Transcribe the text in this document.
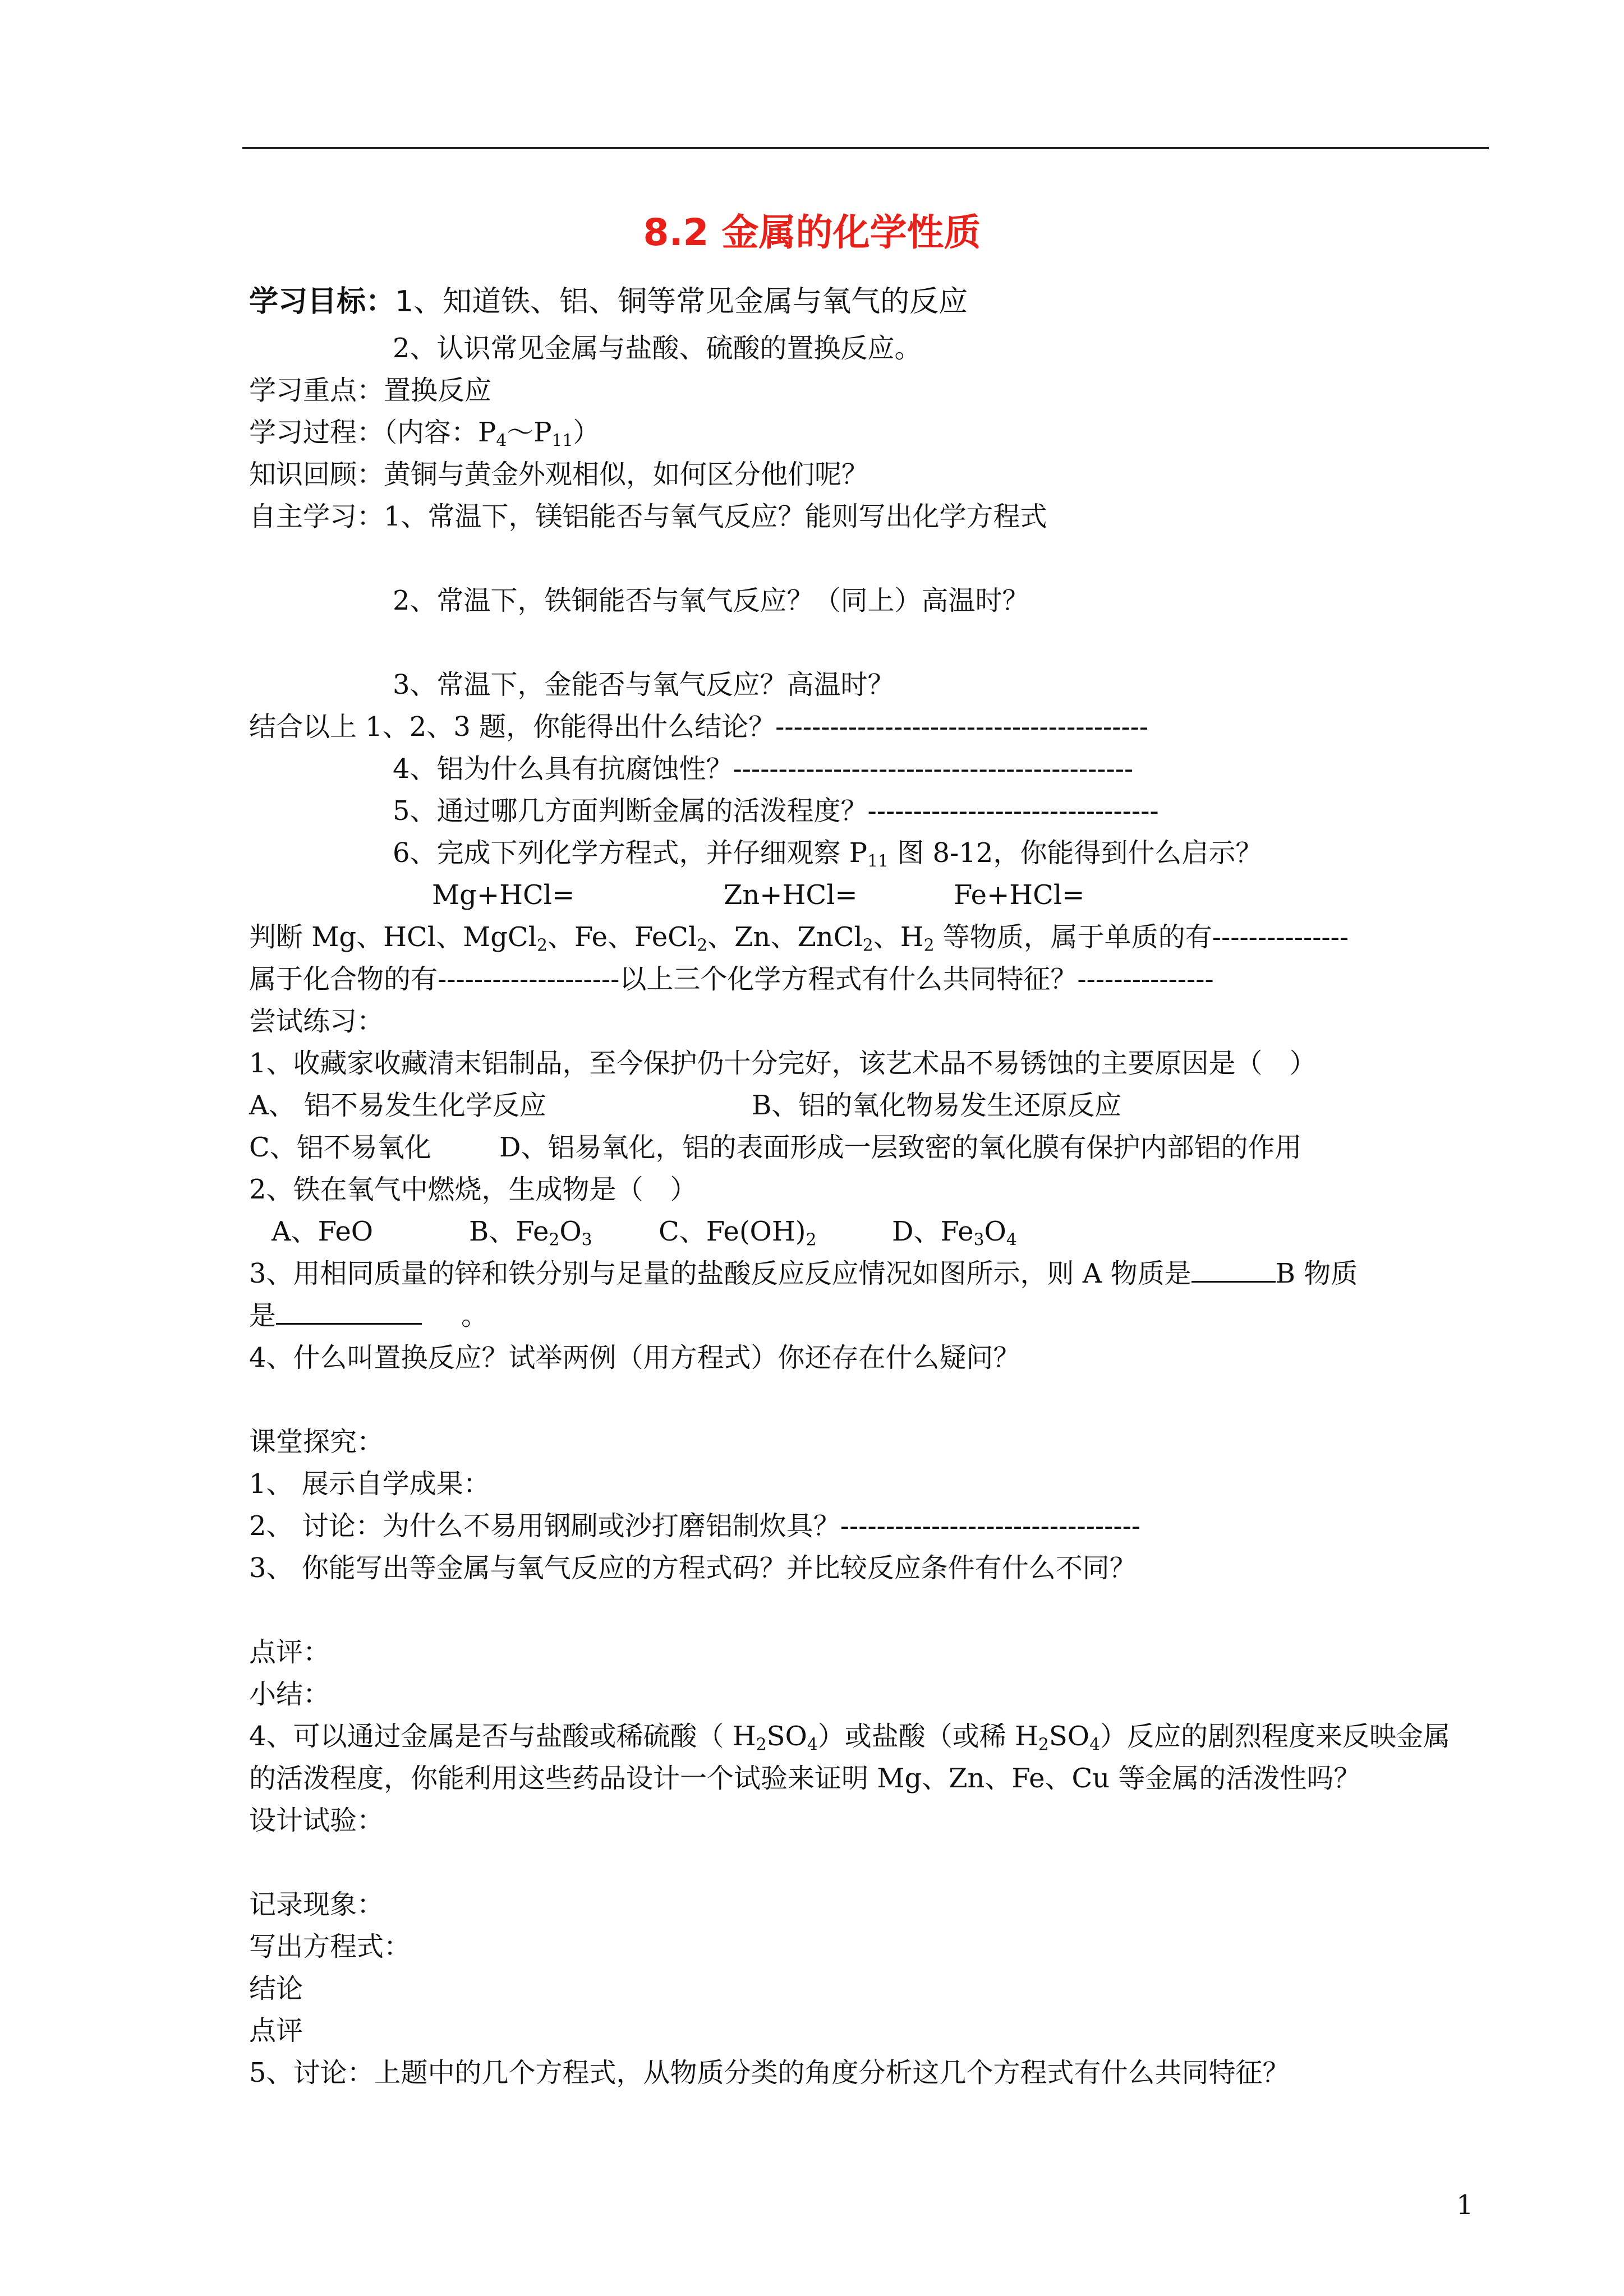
8.2 金属的化学性质
学习目标：1、知道铁、铝、铜等常见金属与氧气的反应
2、认识常见金属与盐酸、硫酸的置换反应。
学习重点：置换反应
学习过程：（内容：$P_4\sim P_{11}$）
知识回顾：黄铜与黄金外观相似，如何区分他们呢？
自主学习：1、常温下，镁铝能否与氧气反应？能则写出化学方程式
2、常温下，铁铜能否与氧气反应？（同上）高温时？
3、常温下，金能否与氧气反应？高温时？
结合以上 1、2、3 题，你能得出什么结论？-----------------------------------------
4、铝为什么具有抗腐蚀性？--------------------------------------------
5、通过哪几方面判断金属的活泼程度？--------------------------------
6、完成下列化学方程式，并仔细观察 $P_{11}$ 图 8-12，你能得到什么启示？
Mg+HCl=	Zn+HCl=	Fe+HCl=
判断 Mg、HCl、MgCl$_2$、Fe、FeCl$_2$、Zn、ZnCl$_2$、$H_2$ 等物质，属于单质的有---------------
属于化合物的有--------------------以上三个化学方程式有什么共同特征？---------------
尝试练习：
1、收藏家收藏清末铝制品，至今保护仍十分完好，该艺术品不易锈蚀的主要原因是（　）
A、 铝不易发生化学反应	B、铝的氧化物易发生还原反应
C、铝不易氧化	D、铝易氧化，铝的表面形成一层致密的氧化膜有保护内部铝的作用
2、铁在氧气中燃烧，生成物是（　）
A、FeO	B、$Fe_2O_3$ C、$Fe(OH)_2$	D、$Fe_3O_4$
3、用相同质量的锌和铁分别与足量的盐酸反应反应情况如图所示，则 A 物质是	B 物质
是	。
4、什么叫置换反应？试举两例（用方程式）你还存在什么疑问？
课堂探究：
1、 展示自学成果：
2、 讨论：为什么不易用钢刷或沙打磨铝制炊具？---------------------------------
3、 你能写出等金属与氧气反应的方程式码？并比较反应条件有什么不同？
点评：
小结：
4、可以通过金属是否与盐酸或稀硫酸（ $H_2SO_4$）或盐酸（或稀 $H_2SO_4$）反应的剧烈程度来反映金属
的活泼程度，你能利用这些药品设计一个试验来证明 Mg、Zn、Fe、Cu 等金属的活泼性吗？
设计试验：
记录现象：
写出方程式：
结论
点评
5、讨论：上题中的几个方程式，从物质分类的角度分析这几个方程式有什么共同特征？
1
